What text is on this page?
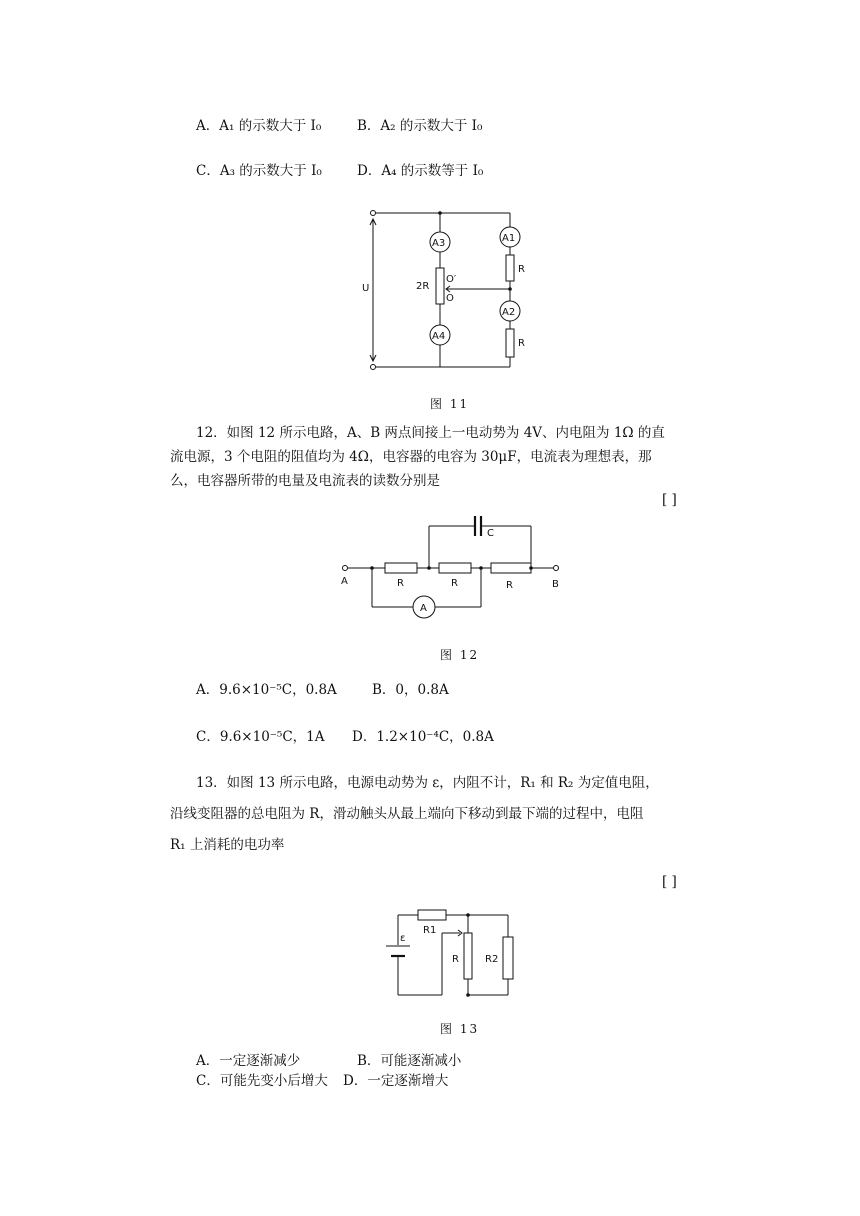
A．A₁ 的示数大于 I₀	B．A₂ 的示数大于 I₀
C．A₃ 的示数大于 I₀	D．A₄ 的示数等于 I₀
A3	A1
A4
A2
U	2R
R
R
O′
O
图 11
12．如图 12 所示电路，A、B 两点间接上一电动势为 4V、内电阻为 1Ω 的直
流电源，3 个电阻的阻值均为 4Ω，电容器的电容为 30μF，电流表为理想表，那
么，电容器所带的电量及电流表的读数分别是
[ ]
C
A	B
R	R	R
A
图 12
A．9.6×10⁻⁵C，0.8A	B．0，0.8A
C．9.6×10⁻⁵C，1A D．1.2×10⁻⁴C，0.8A
13．如图 13 所示电路，电源电动势为 ε，内阻不计，R₁ 和 R₂ 为定值电阻，
沿线变阻器的总电阻为 R，滑动触头从最上端向下移动到最下端的过程中，电阻
R₁ 上消耗的电功率
[ ]
ε
R1
R	R2
图 13
A．一定逐渐减少	B．可能逐渐减小
C．可能先变小后增大 D．一定逐渐增大
